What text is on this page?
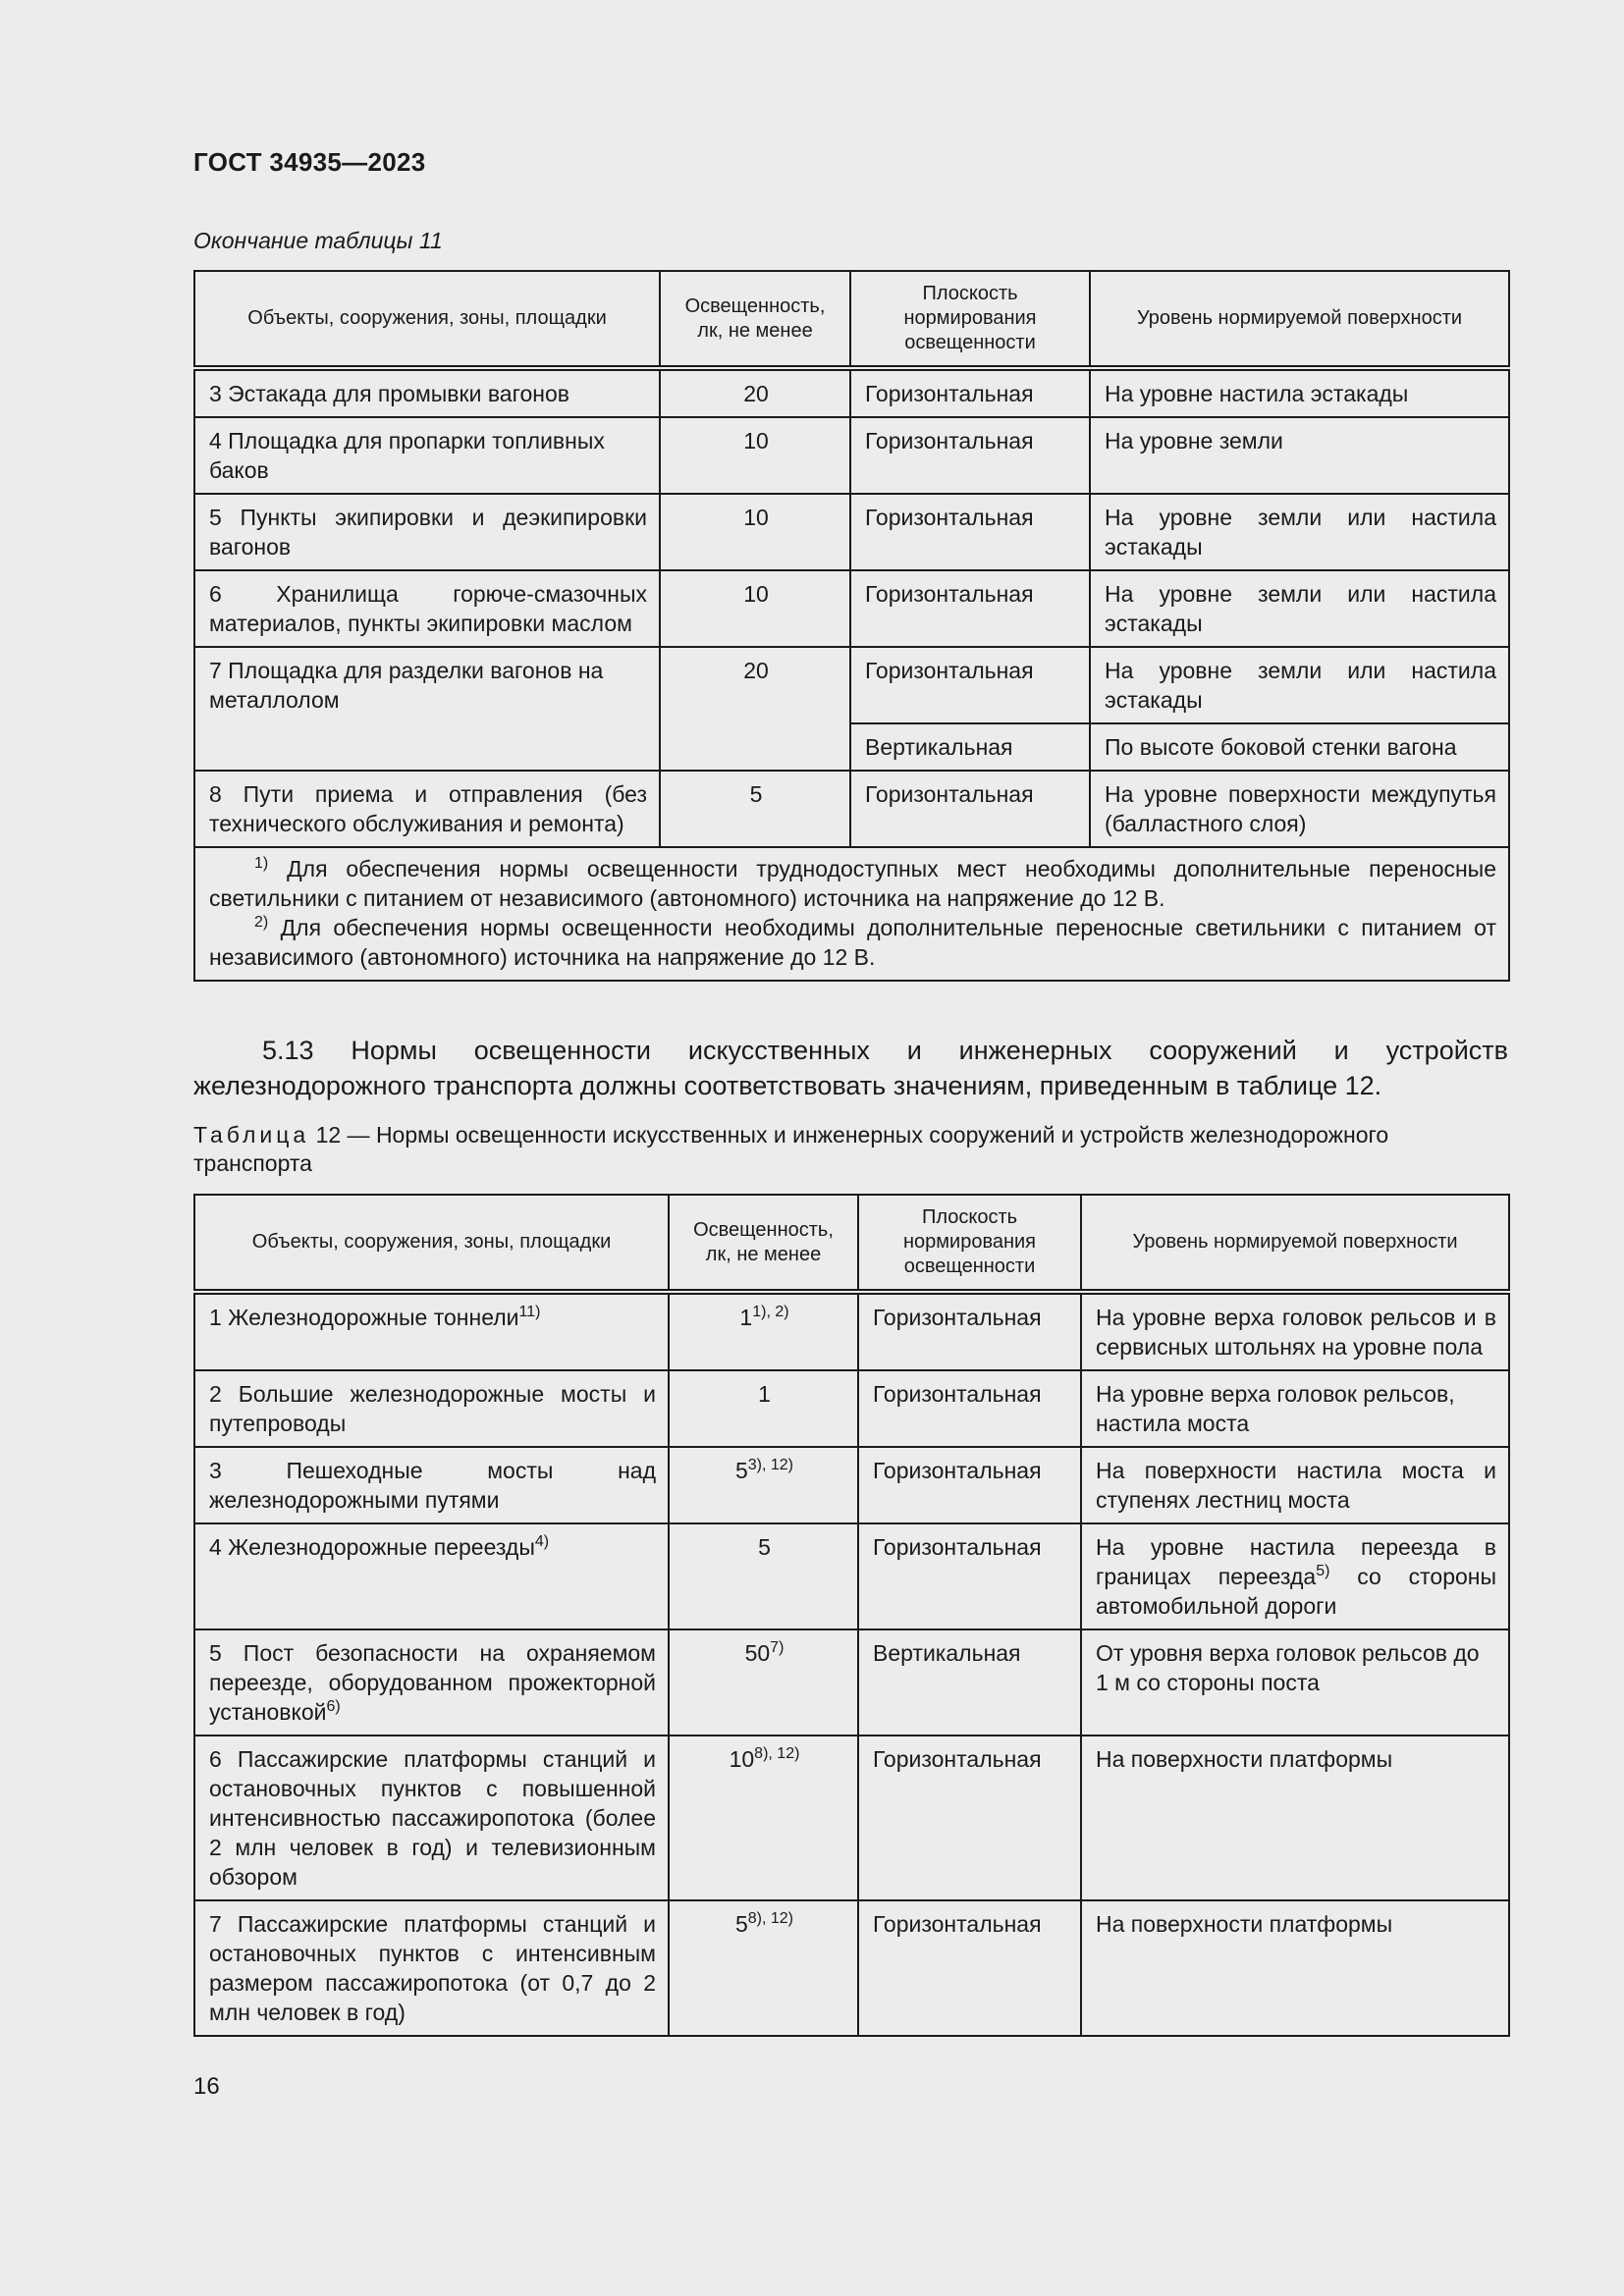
ГОСТ 34935—2023
Окончание таблицы 11
Объекты, сооружения, зоны, площадки	Освещенность, лк, не менее	Плоскость нормирования освещенности	Уровень нормируемой поверхности
3 Эстакада для промывки вагонов	20	Горизонтальная	На уровне настила эстакады
4 Площадка для пропарки топливных баков	10	Горизонтальная	На уровне земли
5 Пункты экипировки и деэкипировки вагонов	10	Горизонтальная	На уровне земли или настила эстакады
6 Хранилища горюче-смазочных материалов, пункты экипировки маслом	10	Горизонтальная	На уровне земли или настила эстакады
7 Площадка для разделки вагонов на металлолом	20	Горизонтальная	На уровне земли или настила эстакады
		Вертикальная	По высоте боковой стенки вагона
8 Пути приема и отправления (без технического обслуживания и ремонта)	5	Горизонтальная	На уровне поверхности междупутья (балластного слоя)

$^{1)}$ Для обеспечения нормы освещенности труднодоступных мест необходимы дополнительные переносные светильники с питанием от независимого (автономного) источника на напряжение до 12 В.
$^{2)}$ Для обеспечения нормы освещенности необходимы дополнительные переносные светильники с питанием от независимого (автономного) источника на напряжение до 12 В.			
5.13 Нормы освещенности искусственных и инженерных сооружений и устройств железнодорожного транспорта должны соответствовать значениям, приведенным в таблице 12.
Таблица 12 — Нормы освещенности искусственных и инженерных сооружений и устройств железнодорожного транспорта
Объекты, сооружения, зоны, площадки	Освещенность, лк, не менее	Плоскость нормирования освещенности	Уровень нормируемой поверхности
1 Железнодорожные тоннели$^{11)}$	$1^{1), 2)}$	Горизонтальная	На уровне верха головок рельсов и в сервисных штольнях на уровне пола
2 Большие железнодорожные мосты и путепроводы	1	Горизонтальная	На уровне верха головок рельсов, настила моста
3 Пешеходные мосты над железнодорожными путями	$5^{3), 12)}$	Горизонтальная	На поверхности настила моста и ступенях лестниц моста
4 Железнодорожные переезды$^{4)}$	5	Горизонтальная	На уровне настила переезда в границах переезда$^{5)}$ со стороны автомобильной дороги
5 Пост безопасности на охраняемом переезде, оборудованном прожекторной установкой$^{6)}$	50$^{7)}$	Вертикальная	От уровня верха головок рельсов до 1 м со стороны поста
6 Пассажирские платформы станций и остановочных пунктов с повышенной интенсивностью пассажиропотока (более 2 млн человек в год) и телевизионным обзором	$10^{8), 12)}$	Горизонтальная	На поверхности платформы
7 Пассажирские платформы станций и остановочных пунктов с интенсивным размером пассажиропотока (от 0,7 до 2 млн человек в год)	$5^{8), 12)}$	Горизонтальная	На поверхности платформы
16
